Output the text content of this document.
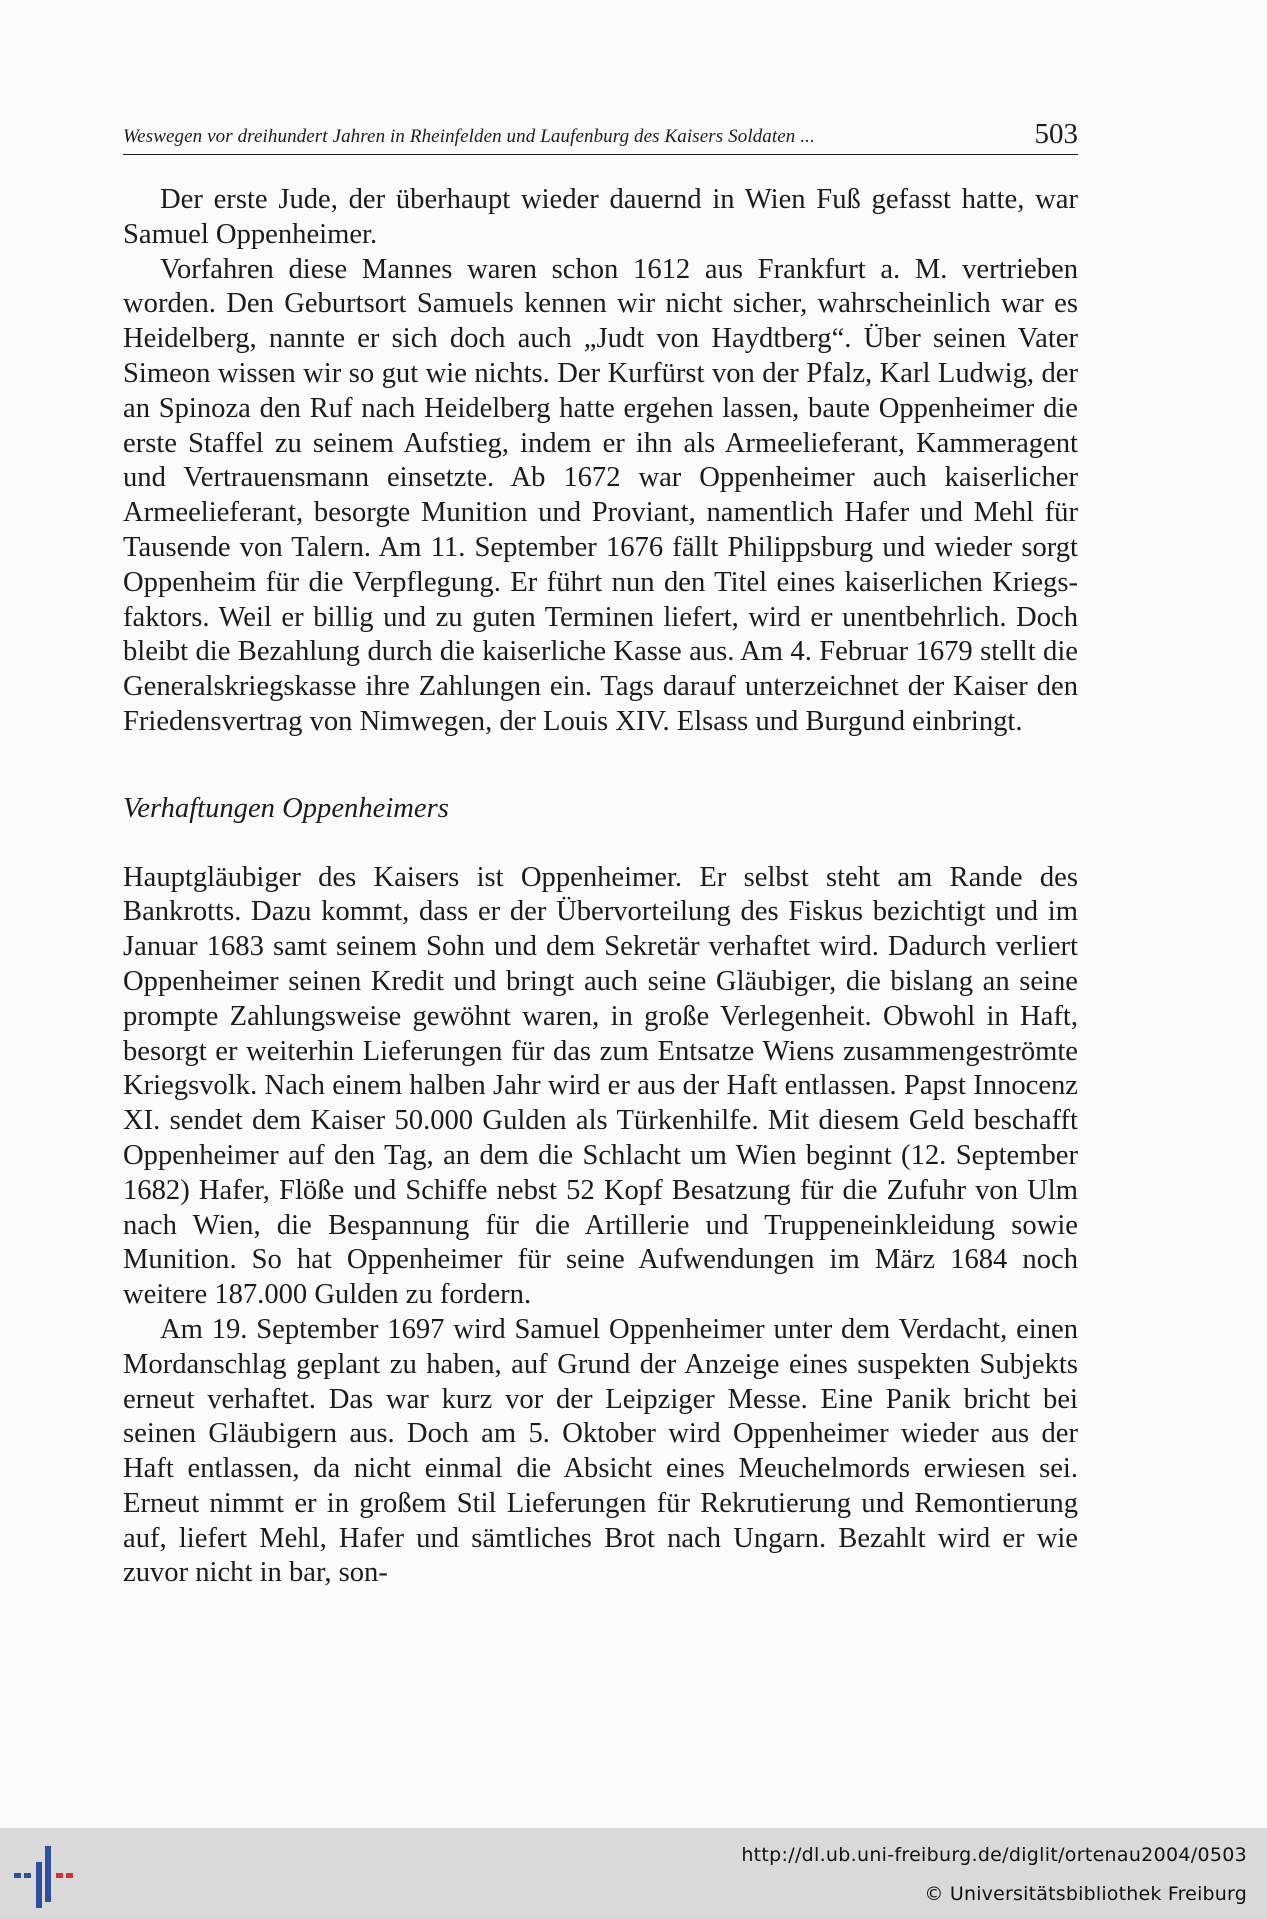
Weswegen vor dreihundert Jahren in Rheinfelden und Laufenburg des Kaisers Soldaten ...	503

Der erste Jude, der überhaupt wieder dauernd in Wien Fuß gefasst hatte, war Samuel Oppenheimer.

Vorfahren diese Mannes waren schon 1612 aus Frankfurt a. M. vertrieben worden. Den Geburtsort Samuels kennen wir nicht sicher, wahrscheinlich war es Heidelberg, nannte er sich doch auch „Judt von Haydtberg“. Über seinen Vater Simeon wissen wir so gut wie nichts. Der Kurfürst von der Pfalz, Karl Ludwig, der an Spinoza den Ruf nach Heidelberg hatte ergehen lassen, baute Oppenheimer die erste Staffel zu seinem Aufstieg, indem er ihn als Armeelieferant, Kammeragent und Vertrauensmann einsetzte. Ab 1672 war Oppenheimer auch kaiserlicher Armeelieferant, besorgte Munition und Proviant, namentlich Hafer und Mehl für Tausende von Talern. Am 11. September 1676 fällt Philippsburg und wieder sorgt Oppenheim für die Verpflegung. Er führt nun den Titel eines kaiserlichen Kriegsfaktors. Weil er billig und zu guten Terminen liefert, wird er unentbehrlich. Doch bleibt die Bezahlung durch die kaiserliche Kasse aus. Am 4. Februar 1679 stellt die Generalskriegskasse ihre Zahlungen ein. Tags darauf unterzeichnet der Kaiser den Friedensvertrag von Nimwegen, der Louis XIV. Elsass und Burgund einbringt.

Verhaftungen Oppenheimers

Hauptgläubiger des Kaisers ist Oppenheimer. Er selbst steht am Rande des Bankrotts. Dazu kommt, dass er der Übervorteilung des Fiskus bezichtigt und im Januar 1683 samt seinem Sohn und dem Sekretär verhaftet wird. Dadurch verliert Oppenheimer seinen Kredit und bringt auch seine Gläubiger, die bislang an seine prompte Zahlungsweise gewöhnt waren, in große Verlegenheit. Obwohl in Haft, besorgt er weiterhin Lieferungen für das zum Entsatze Wiens zusammengeströmte Kriegsvolk. Nach einem halben Jahr wird er aus der Haft entlassen. Papst Innocenz XI. sendet dem Kaiser 50.000 Gulden als Türkenhilfe. Mit diesem Geld beschafft Oppenheimer auf den Tag, an dem die Schlacht um Wien beginnt (12. September 1682) Hafer, Flöße und Schiffe nebst 52 Kopf Besatzung für die Zufuhr von Ulm nach Wien, die Bespannung für die Artillerie und Truppeneinkleidung sowie Munition. So hat Oppenheimer für seine Aufwendungen im März 1684 noch weitere 187.000 Gulden zu fordern.

Am 19. September 1697 wird Samuel Oppenheimer unter dem Verdacht, einen Mordanschlag geplant zu haben, auf Grund der Anzeige eines suspekten Subjekts erneut verhaftet. Das war kurz vor der Leipziger Messe. Eine Panik bricht bei seinen Gläubigern aus. Doch am 5. Oktober wird Oppenheimer wieder aus der Haft entlassen, da nicht einmal die Absicht eines Meuchelmords erwiesen sei. Erneut nimmt er in großem Stil Lieferungen für Rekrutierung und Remontierung auf, liefert Mehl, Hafer und sämtliches Brot nach Ungarn. Bezahlt wird er wie zuvor nicht in bar, son-

http://dl.ub.uni-freiburg.de/diglit/ortenau2004/0503
© Universitätsbibliothek Freiburg
